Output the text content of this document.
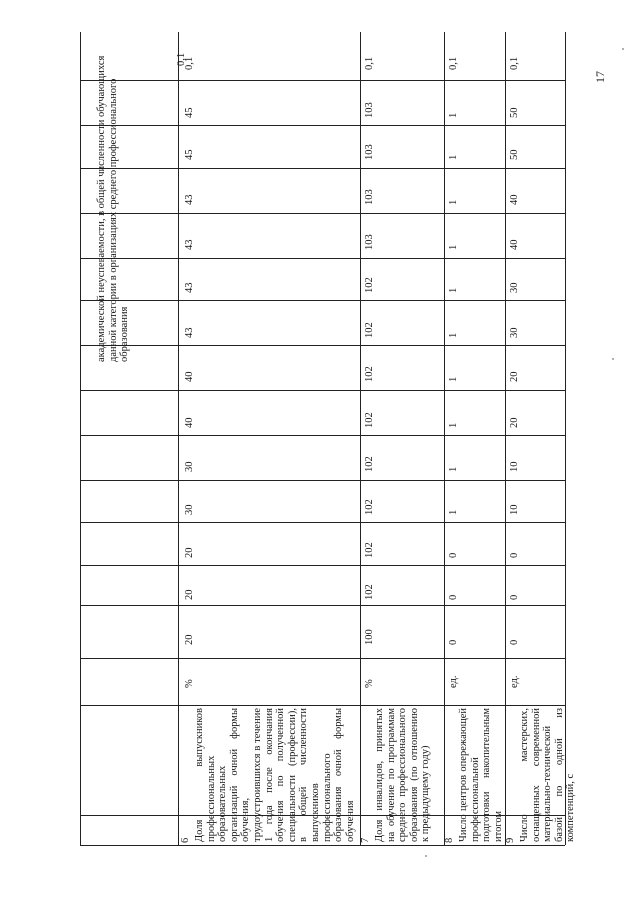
академической неуспеваемости, в общей численности обучающихся данной категории в организациях среднего профессионального образования
0,1
6 Доля выпускников профессиональных образовательных организаций очной формы обучения, трудоустроившихся в течение 1 года после окончания обучения по полученной специальности (профессии), в общей численности выпускников профессионального образования очной формы обучения
%
20
20
20
30
30
40
40
43
43
43
43
45
45
0,1
7 Доля инвалидов, принятых на обучение по программам среднего профессионального образования (по отношению к предыдущему году)
%
100
102
102
102
102
102
102
102
102
103
103
103
103
0,1
8 Число центров опережающей профессиональной подготовки накопительным итогом
ед.
0
0
0
1
1
1
1
1
1
1
1
1
1
0,1
9 Число мастерских, оснащенных современной материально-технической базой по одной из компетенций, с
ед.
0
0
0
10
10
20
20
30
30
40
40
50
50
0,1
17
